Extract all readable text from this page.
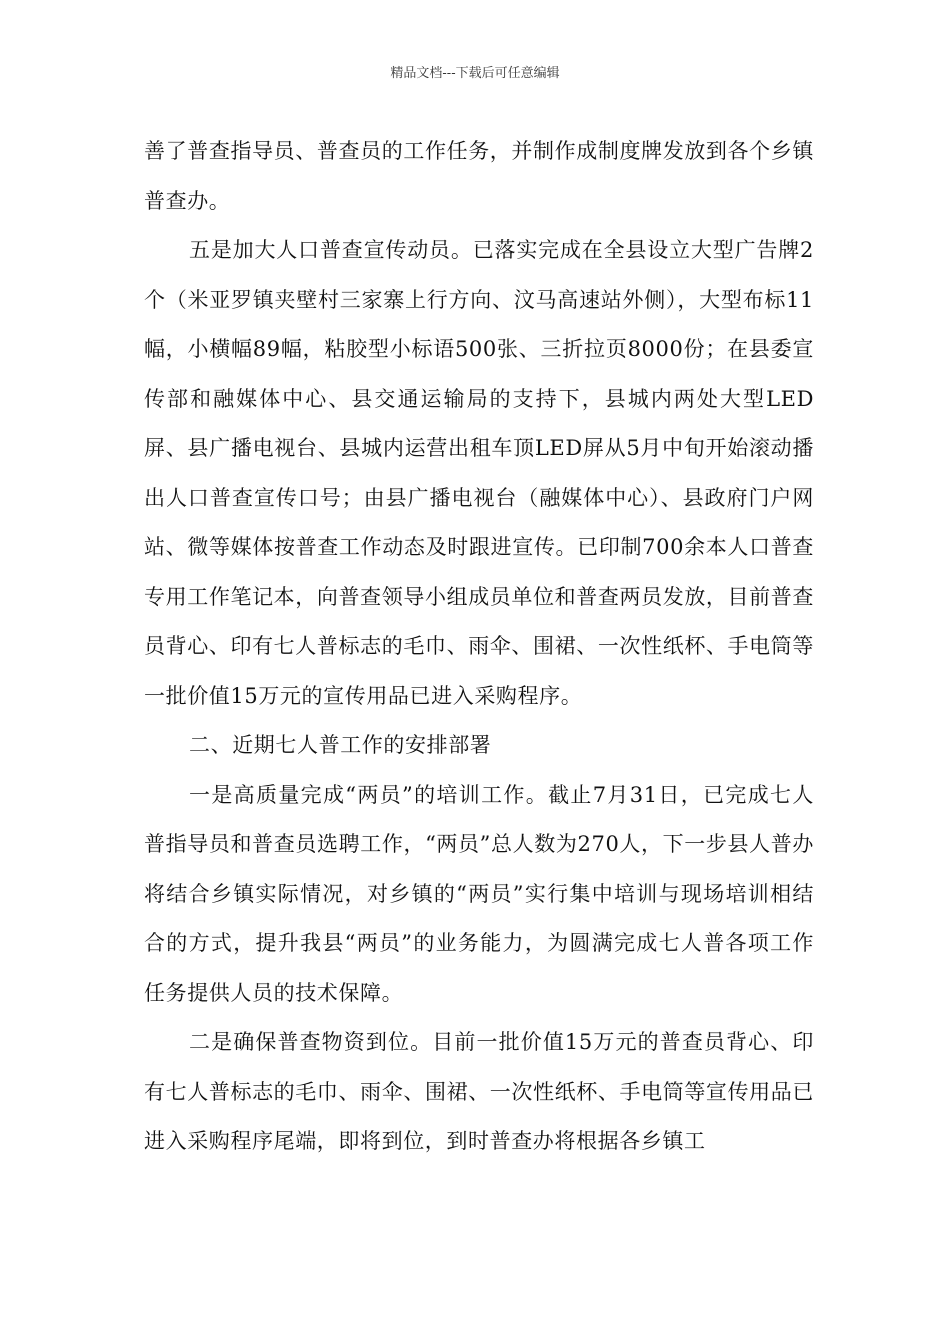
精品文档---下载后可任意编辑

善了普查指导员、普查员的工作任务，并制作成制度牌发放到各个乡镇普查办。

五是加大人口普查宣传动员。已落实完成在全县设立大型广告牌2个（米亚罗镇夹壁村三家寨上行方向、汶马高速站外侧），大型布标11幅，小横幅89幅，粘胶型小标语500张、三折拉页8000份；在县委宣传部和融媒体中心、县交通运输局的支持下，县城内两处大型LED屏、县广播电视台、县城内运营出租车顶LED屏从5月中旬开始滚动播出人口普查宣传口号；由县广播电视台（融媒体中心）、县政府门户网站、微等媒体按普查工作动态及时跟进宣传。已印制700余本人口普查专用工作笔记本，向普查领导小组成员单位和普查两员发放，目前普查员背心、印有七人普标志的毛巾、雨伞、围裙、一次性纸杯、手电筒等一批价值15万元的宣传用品已进入采购程序。

二、近期七人普工作的安排部署

一是高质量完成“两员”的培训工作。截止7月31日，已完成七人普指导员和普查员选聘工作，“两员”总人数为270人，下一步县人普办将结合乡镇实际情况，对乡镇的“两员”实行集中培训与现场培训相结合的方式，提升我县“两员”的业务能力，为圆满完成七人普各项工作任务提供人员的技术保障。

二是确保普查物资到位。目前一批价值15万元的普查员背心、印有七人普标志的毛巾、雨伞、围裙、一次性纸杯、手电筒等宣传用品已进入采购程序尾端，即将到位，到时普查办将根据各乡镇工
